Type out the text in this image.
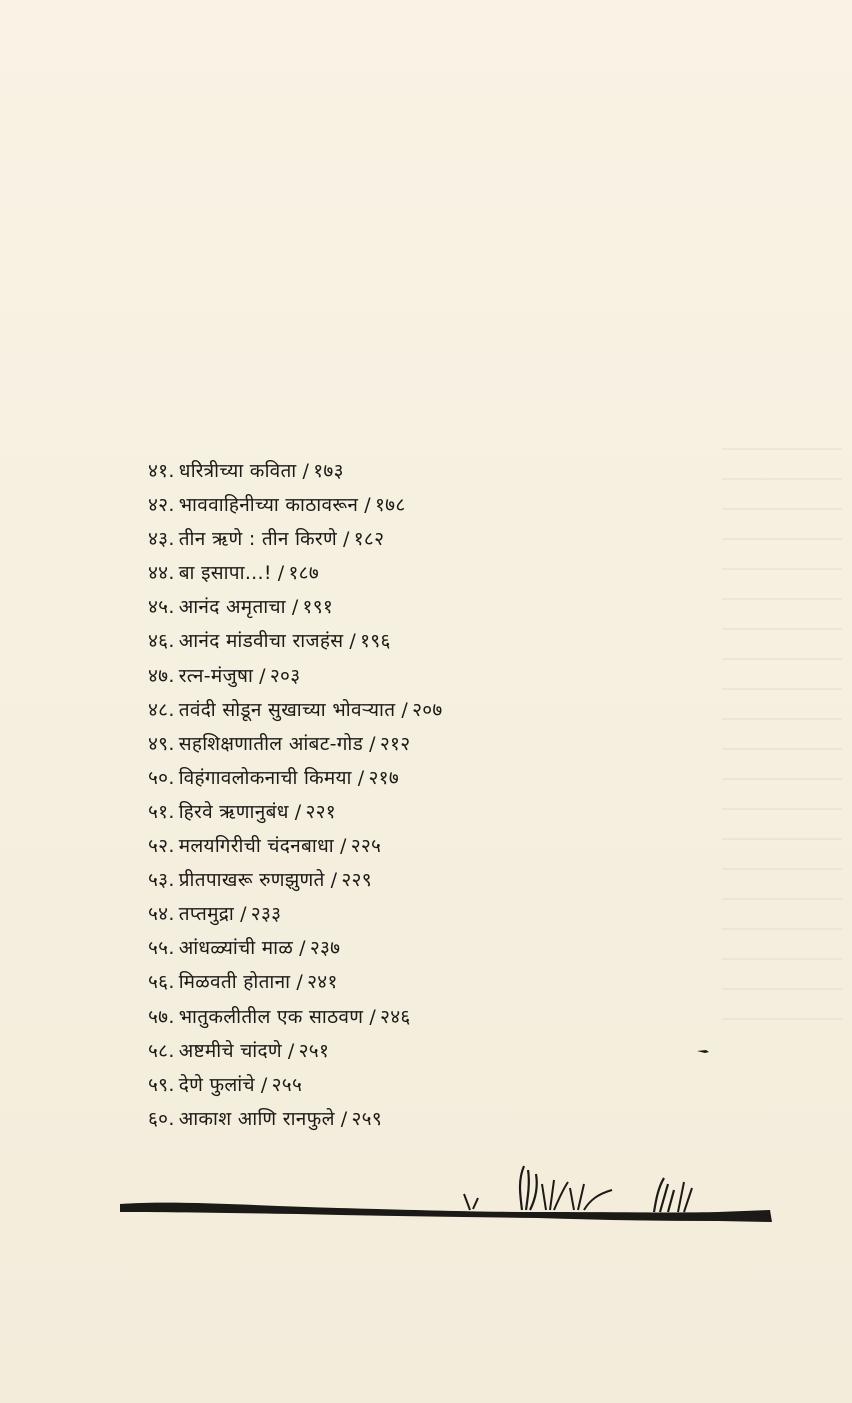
४१. धरित्रीच्या कविता / १७३
४२. भाववाहिनीच्या काठावरून / १७८
४३. तीन ऋणे : तीन किरणे / १८२
४४. बा इसापा...! / १८७
४५. आनंद अमृताचा / १९१
४६. आनंद मांडवीचा राजहंस / १९६
४७. रत्न-मंजुषा / २०३
४८. तवंदी सोडून सुखाच्या भोवऱ्यात / २०७
४९. सहशिक्षणातील आंबट-गोड / २१२
५०. विहंगावलोकनाची किमया / २१७
५१. हिरवे ऋणानुबंध / २२१
५२. मलयगिरीची चंदनबाधा / २२५
५३. प्रीतपाखरू रुणझुणते / २२९
५४. तप्तमुद्रा / २३३
५५. आंधळ्यांची माळ / २३७
५६. मिळवती होताना / २४१
५७. भातुकलीतील एक साठवण / २४६
५८. अष्टमीचे चांदणे / २५१
५९. देणे फुलांचे / २५५
६०. आकाश आणि रानफुले / २५९
